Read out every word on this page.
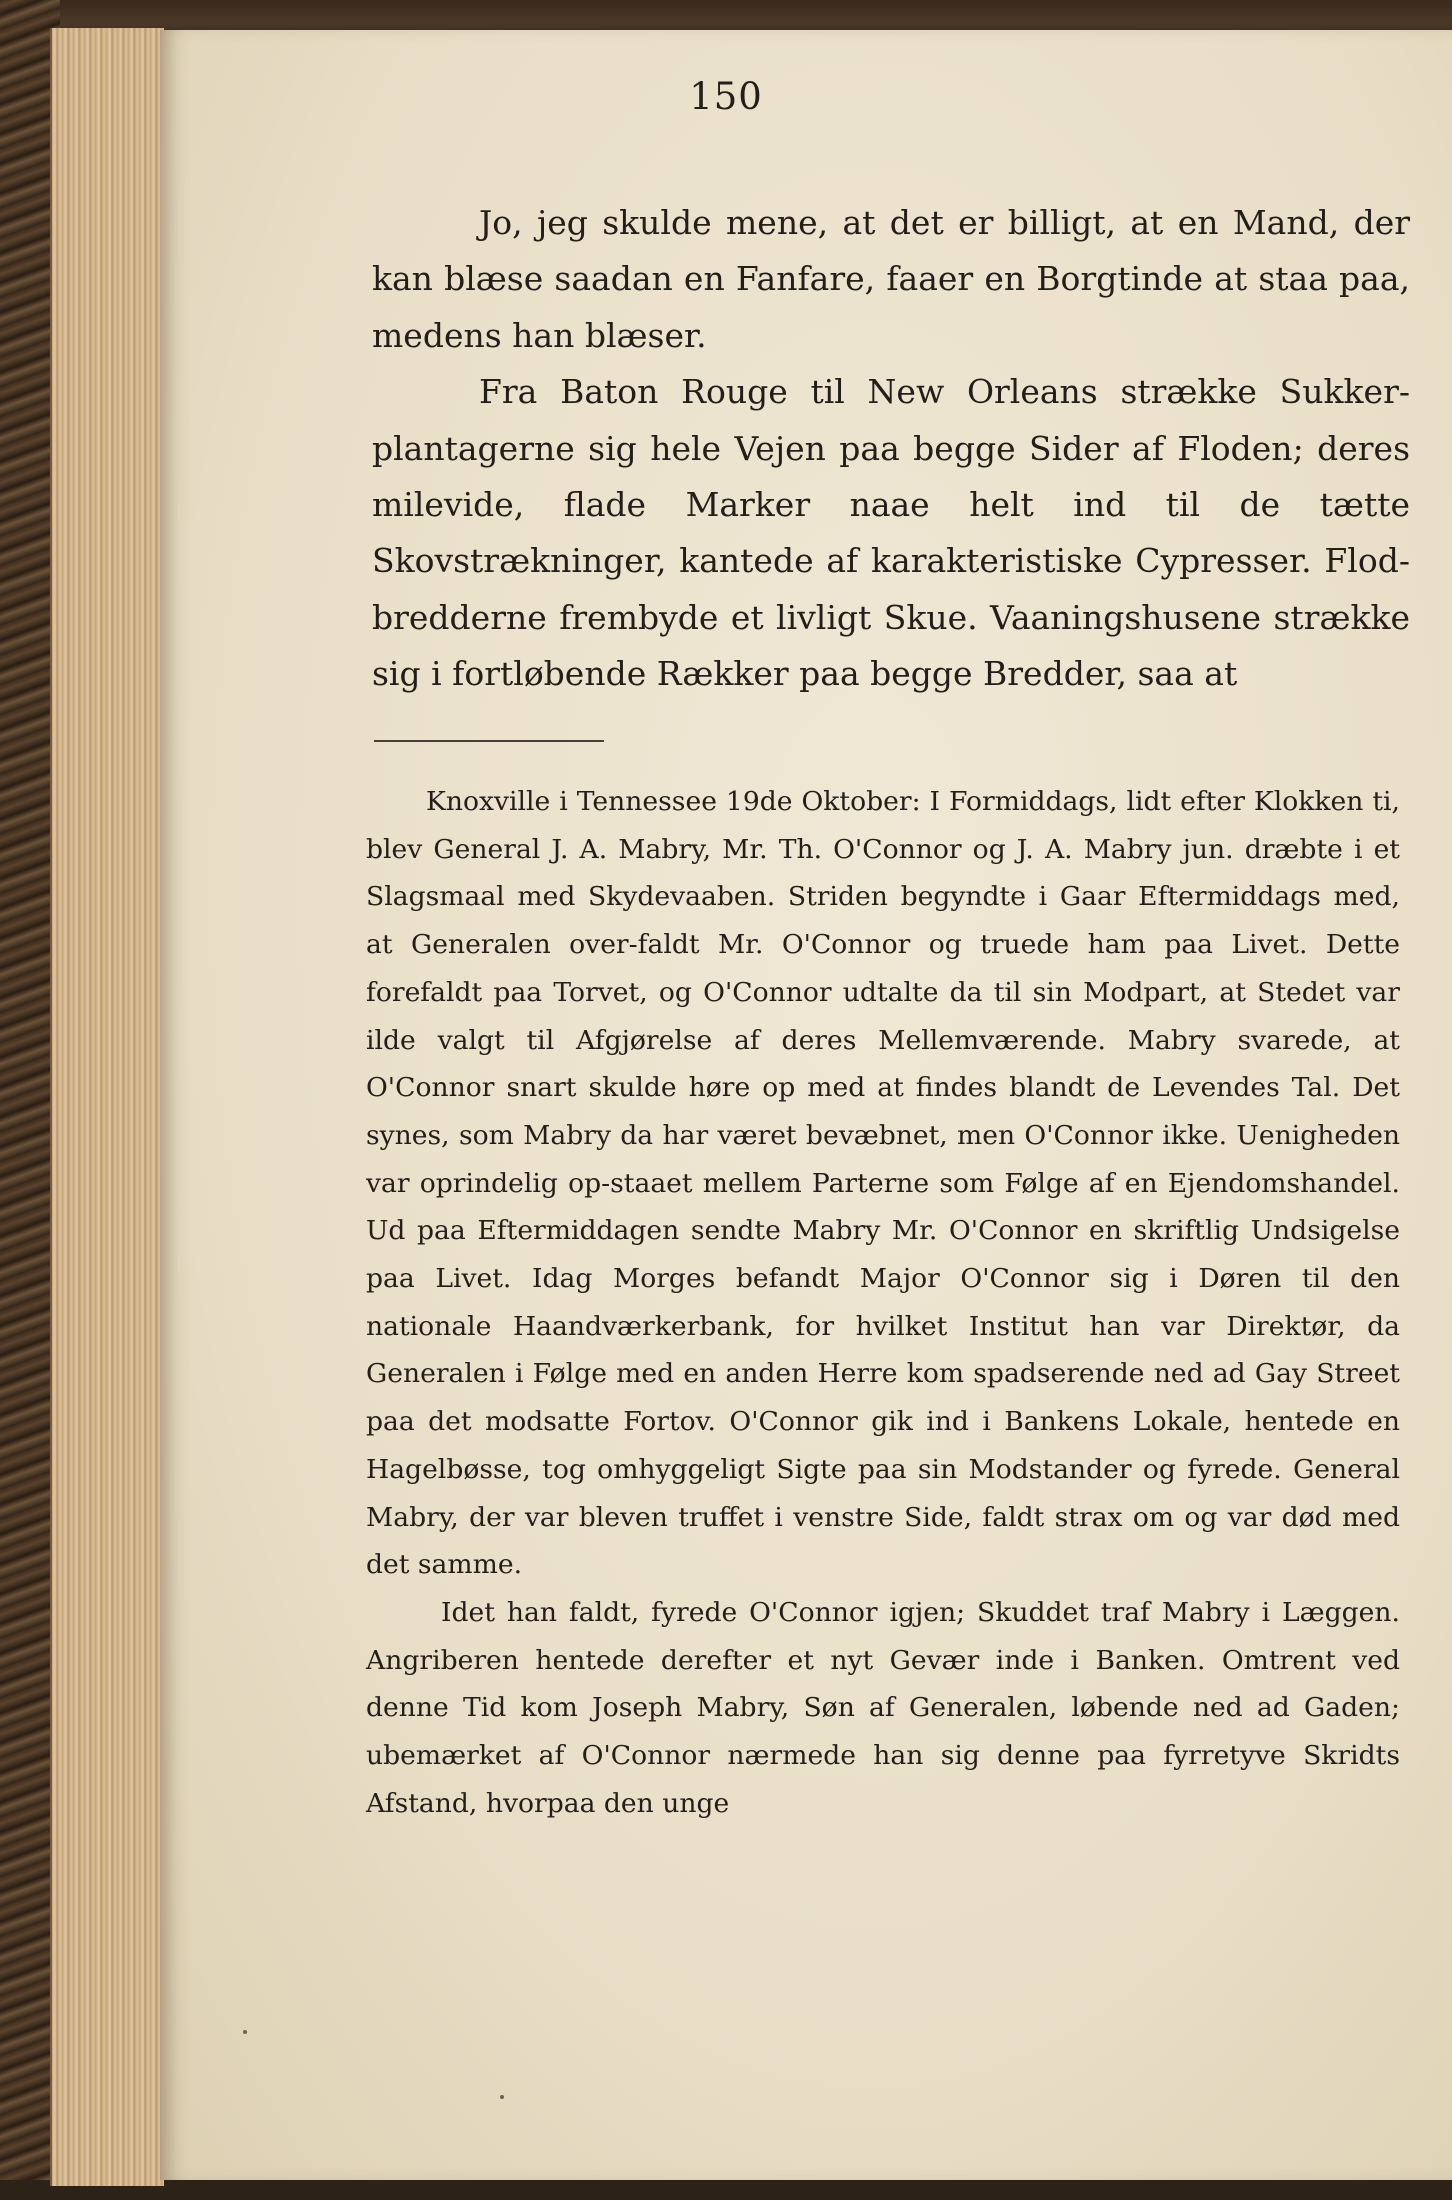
150

Jo, jeg skulde mene, at det er billigt, at en Mand, der kan blæse saadan en Fanfare, faaer en Borgtinde at staa paa, medens han blæser.

Fra Baton Rouge til New Orleans strække Sukker-plantagerne sig hele Vejen paa begge Sider af Floden; deres milevide, flade Marker naae helt ind til de tætte Skovstrækninger, kantede af karakteristiske Cypresser. Flod-bredderne frembyde et livligt Skue. Vaaningshusene strække sig i fortløbende Rækker paa begge Bredder, saa at

Knoxville i Tennessee 19de Oktober: I Formiddags, lidt efter Klokken ti, blev General J. A. Mabry, Mr. Th. O'Connor og J. A. Mabry jun. dræbte i et Slagsmaal med Skydevaaben. Striden begyndte i Gaar Eftermiddags med, at Generalen over-faldt Mr. O'Connor og truede ham paa Livet. Dette forefaldt paa Torvet, og O'Connor udtalte da til sin Modpart, at Stedet var ilde valgt til Afgjørelse af deres Mellemværende. Mabry svarede, at O'Connor snart skulde høre op med at findes blandt de Levendes Tal. Det synes, som Mabry da har været bevæbnet, men O'Connor ikke. Uenigheden var oprindelig op-staaet mellem Parterne som Følge af en Ejendomshandel. Ud paa Eftermiddagen sendte Mabry Mr. O'Connor en skriftlig Undsigelse paa Livet. Idag Morges befandt Major O'Connor sig i Døren til den nationale Haandværkerbank, for hvilket Institut han var Direktør, da Generalen i Følge med en anden Herre kom spadserende ned ad Gay Street paa det modsatte Fortov. O'Connor gik ind i Bankens Lokale, hentede en Hagelbøsse, tog omhyggeligt Sigte paa sin Modstander og fyrede. General Mabry, der var bleven truffet i venstre Side, faldt strax om og var død med det samme.

Idet han faldt, fyrede O'Connor igjen; Skuddet traf Mabry i Læggen. Angriberen hentede derefter et nyt Gevær inde i Banken. Omtrent ved denne Tid kom Joseph Mabry, Søn af Generalen, løbende ned ad Gaden; ubemærket af O'Connor nærmede han sig denne paa fyrretyve Skridts Afstand, hvorpaa den unge
